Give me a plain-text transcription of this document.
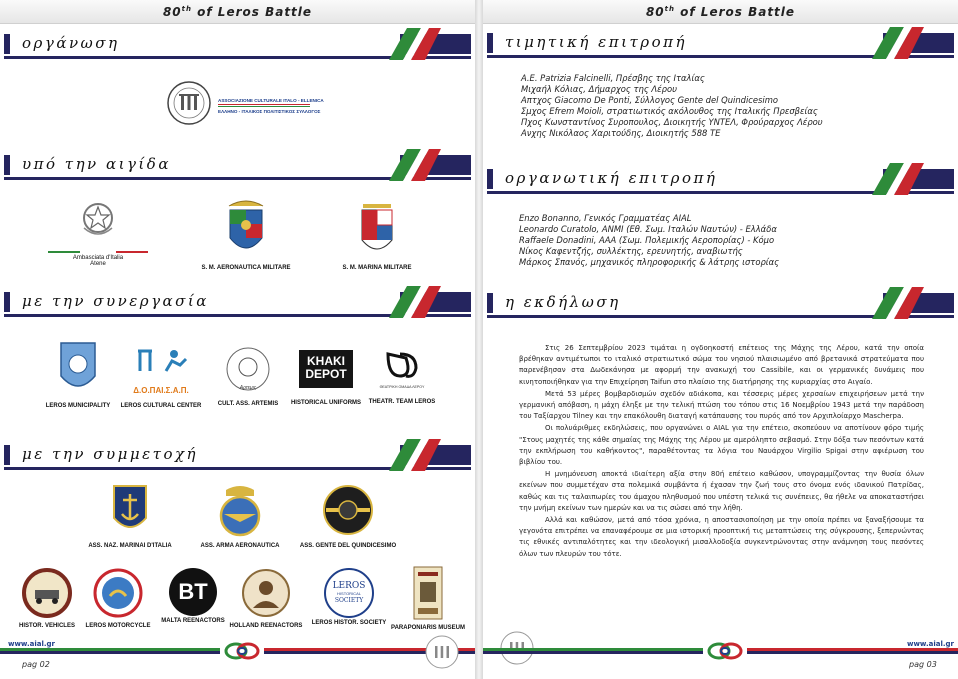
80th of Leros Battle
οργάνωση
ASSOCIAZIONE CULTURALE ITALO - ELLENICA
ΕΛΛΗΝΟ - ΙΤΑΛΙΚΟΣ ΠΟΛΙΤΙΣΤΙΚΟΣ ΣΥΛΛΟΓΟΣ
υπό την αιγίδα
Ambasciata d'Italia
Atene
S. M. AERONAUTICA MILITARE	S. M. MARINA MILITARE
με την συνεργασία
LEROS MUNICIPALITY
Δ.Ο.ΠΑΙ.Σ.Α.Π.
LEROS CULTURAL CENTER
Αρτεμις
CULT. ASS. ARTEMIS
KHAKI
DEPOT
HISTORICAL UNIFORMS
ΘΕΑΤΡΙΚΗ ΟΜΑΔΑ ΛΕΡΟΥ
THEATR. TEAM LEROS
με την συμμετοχή
ASS. NAZ. MARINAI D'ITALIA	ASS. ARMA AERONAUTICA	ASS. GENTE DEL QUINDICESIMO
HISTOR. VEHICLES	LEROS MOTORCYCLE
BT
MALTA REENACTORS
HOLLAND REENACTORS
LEROS
HISTORICAL
SOCIETY
LEROS HISTOR. SOCIETY
PARAPONIARIS MUSEUM
www.aial.gr
pag 02
80th of Leros Battle
τιμητική επιτροπή
A.E. Patrizia Falcinelli, Πρέσβης της Ιταλίας
Μιχαήλ Κόλιας, Δήμαρχος της Λέρου
Απτχος Giacomo De Ponti, Σύλλογος Gente del Quindicesimo
Σμχος Efrem Moioli, στρατιωτικός ακόλουθος της Ιταλικής Πρεσβείας
Πχος Κωνσταντίνος Συροπουλος, Διοικητής ΥΝΤΕΛ, Φρούραρχος Λέρου
Ανχης Νικόλαος Χαριτούδης, Διοικητής 588 ΤΕ
οργανωτική επιτροπή
Enzo Bonanno, Γενικός Γραμματέας AIAL
Leonardo Curatolo, ANMI (Εθ. Σωμ. Ιταλών Ναυτών) - Ελλάδα
Raffaele Donadini, AAA (Σωμ. Πολεμικής Αεροπορίας) - Κόμο
Νίκος Καφεντζής, συλλέκτης, ερευνητής, αναβιωτής
Μάρκος Σπανός, μηχανικός πληροφορικής & λάτρης ιστορίας
η εκδήλωση

Στις 26 Σεπτεμβρίου 2023 τιμάται η ογδοηκοστή επέτειος της Μάχης της Λέρου, κατά την οποία βρέθηκαν αντιμέτωποι το ιταλικό στρατιωτικό σώμα του νησιού πλαισιωμένο από βρετανικά στρατεύματα που παρενέβησαν στα Δωδεκάνησα με αφορμή την ανακωχή του Cassibile, και οι γερμανικές δυνάμεις που κινητοποιήθηκαν για την Επιχείρηση Taifun στο πλαίσιο της διατήρησης της κυριαρχίας στο Αιγαίο.

Μετά 53 μέρες βομβαρδισμών σχεδόν αδιάκοπα, και τέσσερις μέρες χερσαίων επιχειρήσεων μετά την γερμανική απόβαση, η μάχη έληξε με την τελική πτώση του τόπου στις 16 Νοεμβρίου 1943 μετά την παράδοση του Ταξίαρχου Tilney και την επακόλουθη διαταγή κατάπαυσης του πυρός από τον Αρχιπλοίαρχο Mascherpa.

Οι πολυάριθμες εκδηλώσεις, που οργανώνει ο AIAL για την επέτειο, σκοπεύουν να αποτίνουν φόρο τιμής "Στους μαχητές της κάθε σημαίας της Μάχης της Λέρου με αμερόληπτο σεβασμό. Στην δόξα των πεσόντων κατά την εκπλήρωση του καθήκοντος", παραθέτοντας τα λόγια του Ναυάρχου Virgilio Spigai στην αφιέρωση του βιβλίου του.

Η μνημόνευση αποκτά ιδιαίτερη αξία στην 80ή επέτειο καθώσον, υπογραμμίζοντας την θυσία όλων εκείνων που συμμετέχαν στα πολεμικά συμβάντα ή έχασαν την ζωή τους στο όνομα ενός ιδανικού Πατρίδας, καθώς και τις ταλαιπωρίες του άμαχου πληθυσμού που υπέστη τελικά τις συνέπειες, θα ήθελε να αποκαταστήσει την μνήμη εκείνων των ημερών και να τις σώσει από την λήθη.

Αλλά και καθώσον, μετά από τόσα χρόνια, η αποστασιοποίηση με την οποία πρέπει να ξαναξήσουμε τα γεγονότα επιτρέπει να επαναφέρουμε σε μια ιστορική προοπτική τις μεταπτώσεις της σύγκρουσης, ξεπερνώντας τις εθνικές αντιπαλότητες και την ιδεολογική μισαλλοδοξία συγκεντρώνοντας στην ανάμνηση τους πεσόντες όλων των πλευρών του τότε.

www.aial.gr
pag 03
